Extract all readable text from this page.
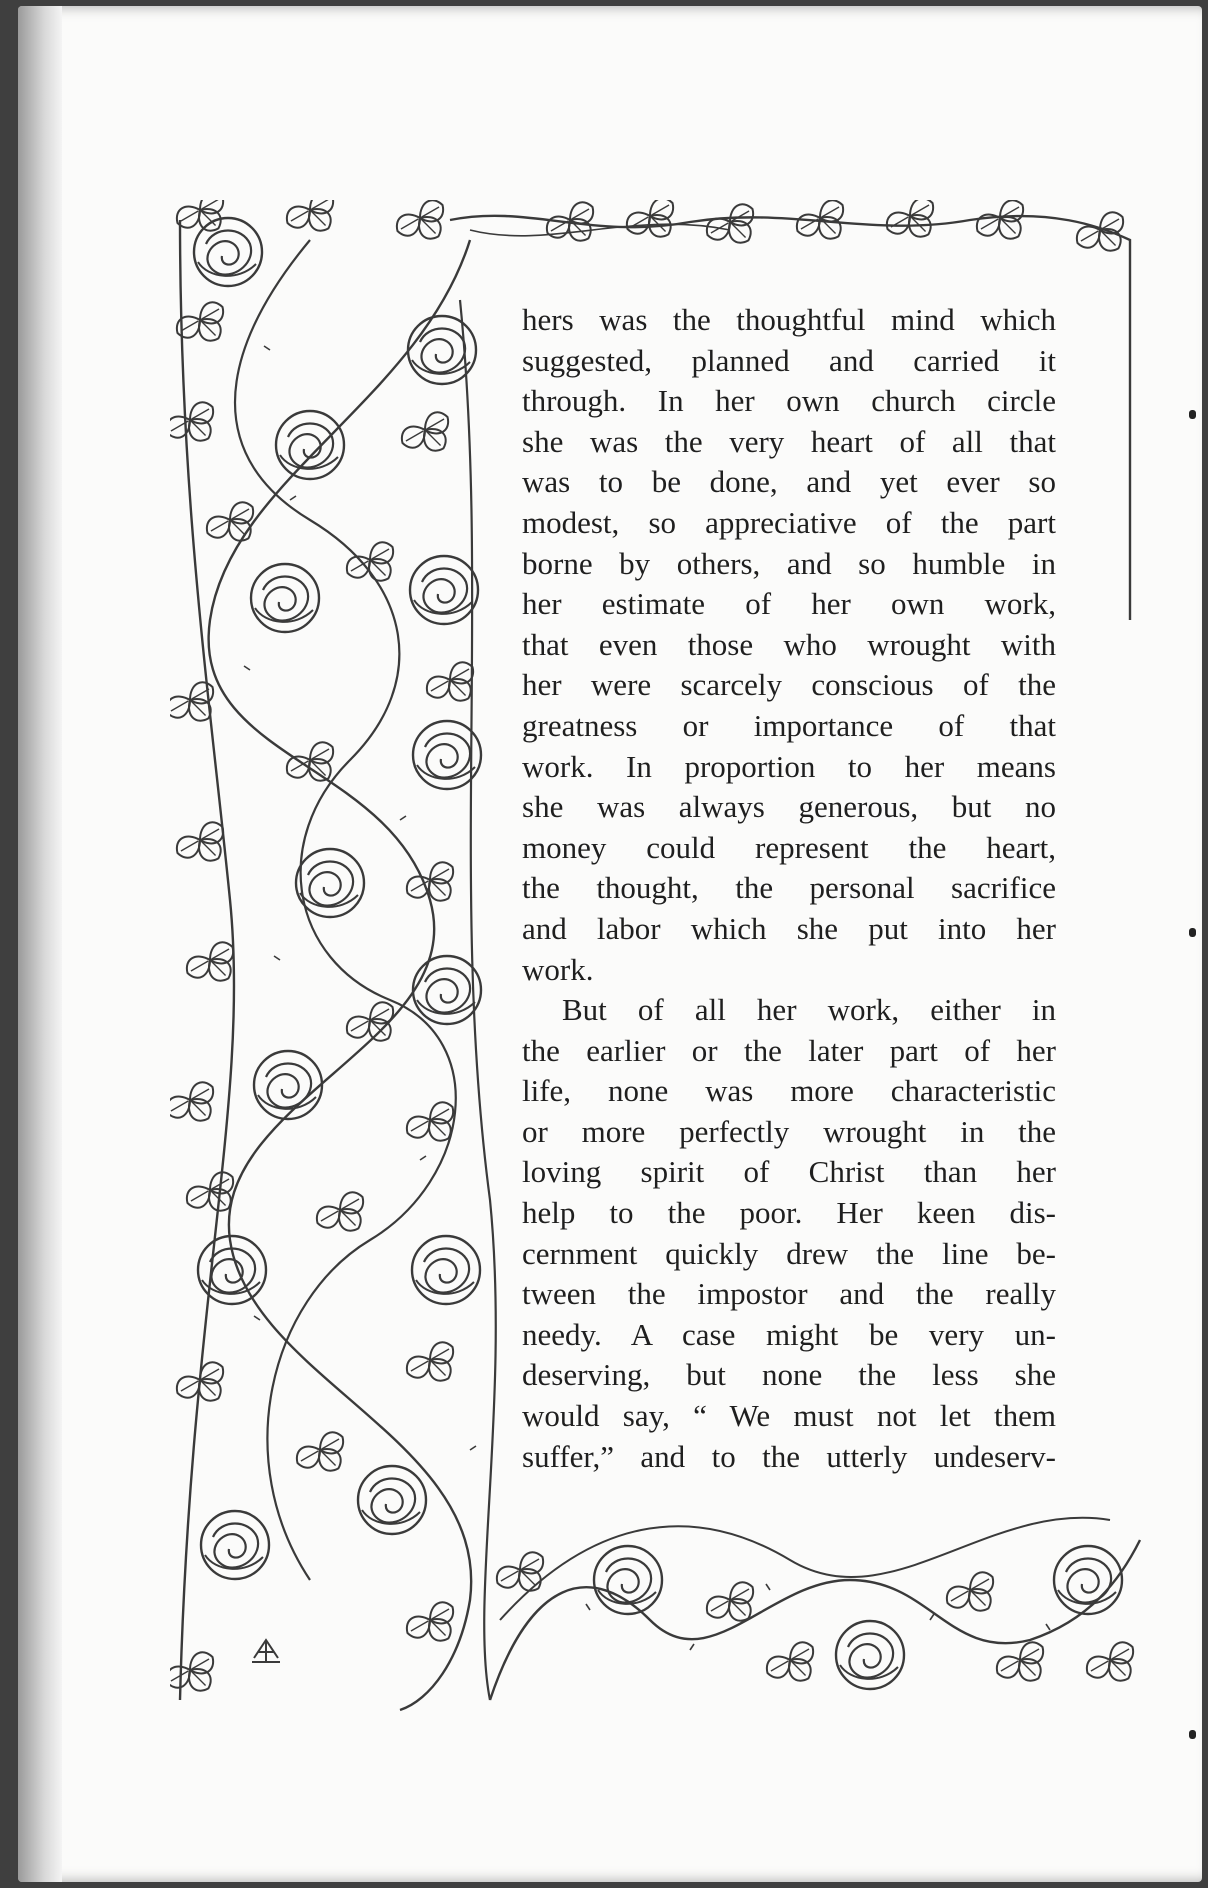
hers was the thoughtful mind which
suggested, planned and carried it
through. In her own church circle
she was the very heart of all that
was to be done, and yet ever so
modest, so appreciative of the part
borne by others, and so humble in
her estimate of her own work,
that even those who wrought with
her were scarcely conscious of the
greatness or importance of that
work. In proportion to her means
she was always generous, but no
money could represent the heart,
the thought, the personal sacrifice
and labor which she put into her
work.
But of all her work, either in
the earlier or the later part of her
life, none was more characteristic
or more perfectly wrought in the
loving spirit of Christ than her
help to the poor. Her keen dis-
cernment quickly drew the line be-
tween the impostor and the really
needy. A case might be very un-
deserving, but none the less she
would say, “ We must not let them
suffer,” and to the utterly undeserv-
